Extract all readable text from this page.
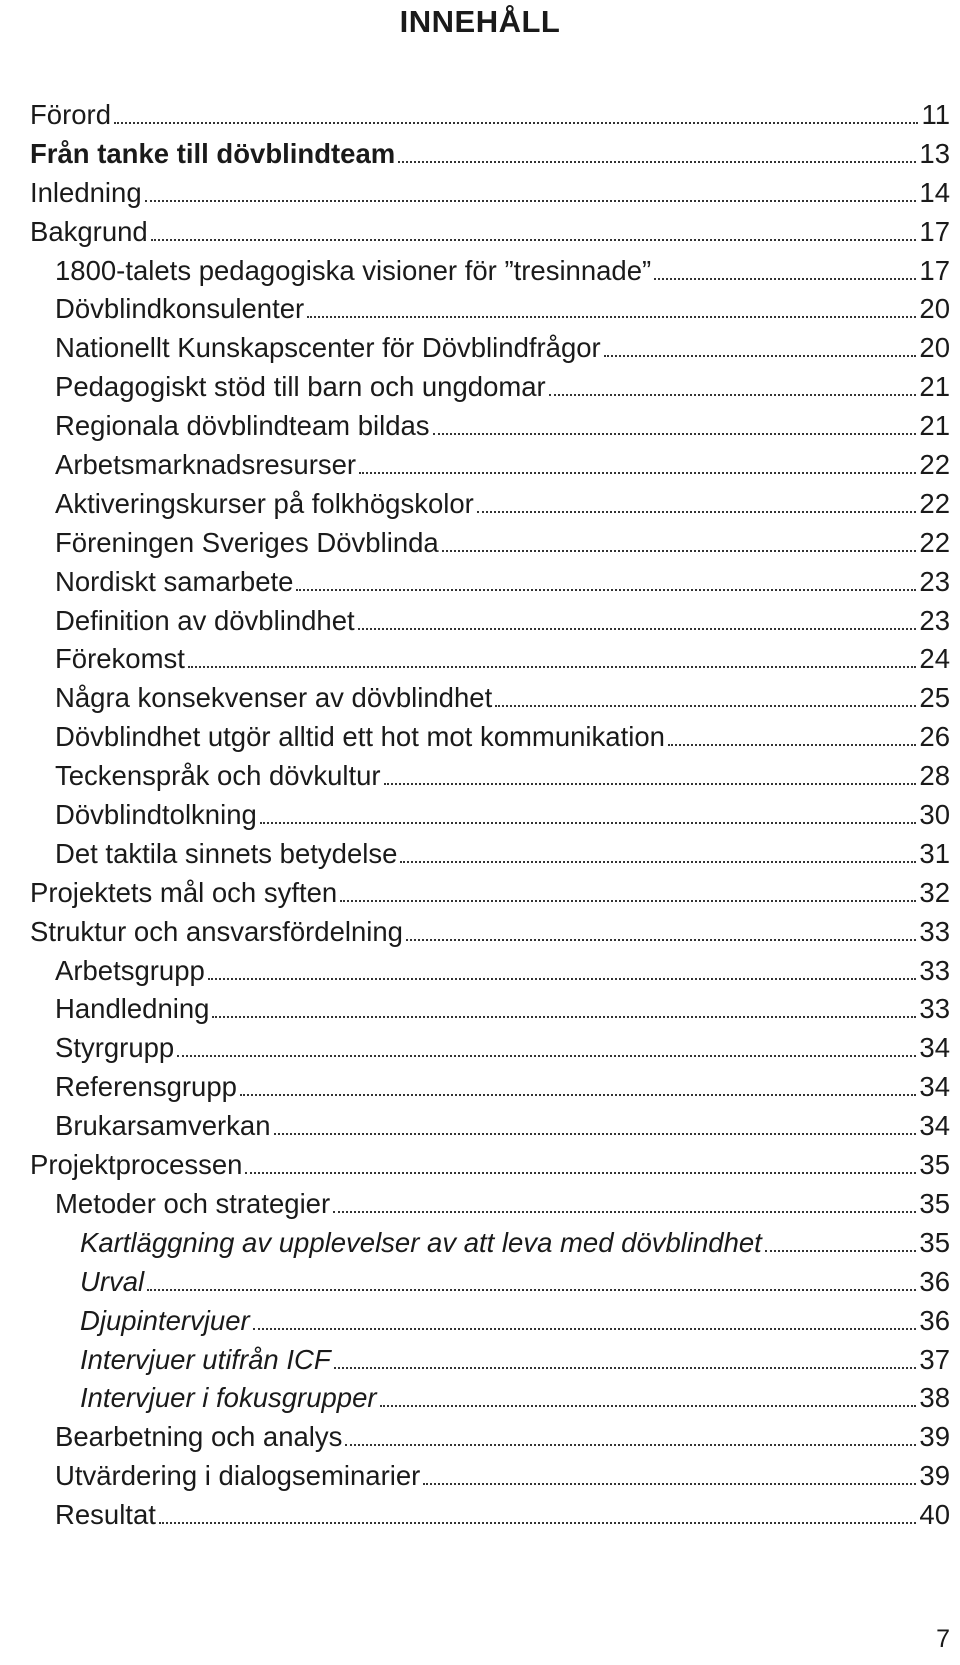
INNEHÅLL
Förord	11
Från tanke till dövblindteam	13
Inledning	14
Bakgrund	17
1800-talets pedagogiska visioner för ”tresinnade”	17
Dövblindkonsulenter	20
Nationellt Kunskapscenter för Dövblindfrågor	20
Pedagogiskt stöd till barn och ungdomar	21
Regionala dövblindteam bildas	21
Arbetsmarknadsresurser	22
Aktiveringskurser på folkhögskolor	22
Föreningen Sveriges Dövblinda	22
Nordiskt samarbete	23
Definition av dövblindhet	23
Förekomst	24
Några konsekvenser av dövblindhet	25
Dövblindhet utgör alltid ett hot mot kommunikation	26
Teckenspråk och dövkultur	28
Dövblindtolkning	30
Det taktila sinnets betydelse	31
Projektets mål och syften	32
Struktur och ansvarsfördelning	33
Arbetsgrupp	33
Handledning	33
Styrgrupp	34
Referensgrupp	34
Brukarsamverkan	34
Projektprocessen	35
Metoder och strategier	35
Kartläggning av upplevelser av att leva med dövblindhet	35
Urval	36
Djupintervjuer	36
Intervjuer utifrån ICF	37
Intervjuer i fokusgrupper	38
Bearbetning och analys	39
Utvärdering i dialogseminarier	39
Resultat	40
7
